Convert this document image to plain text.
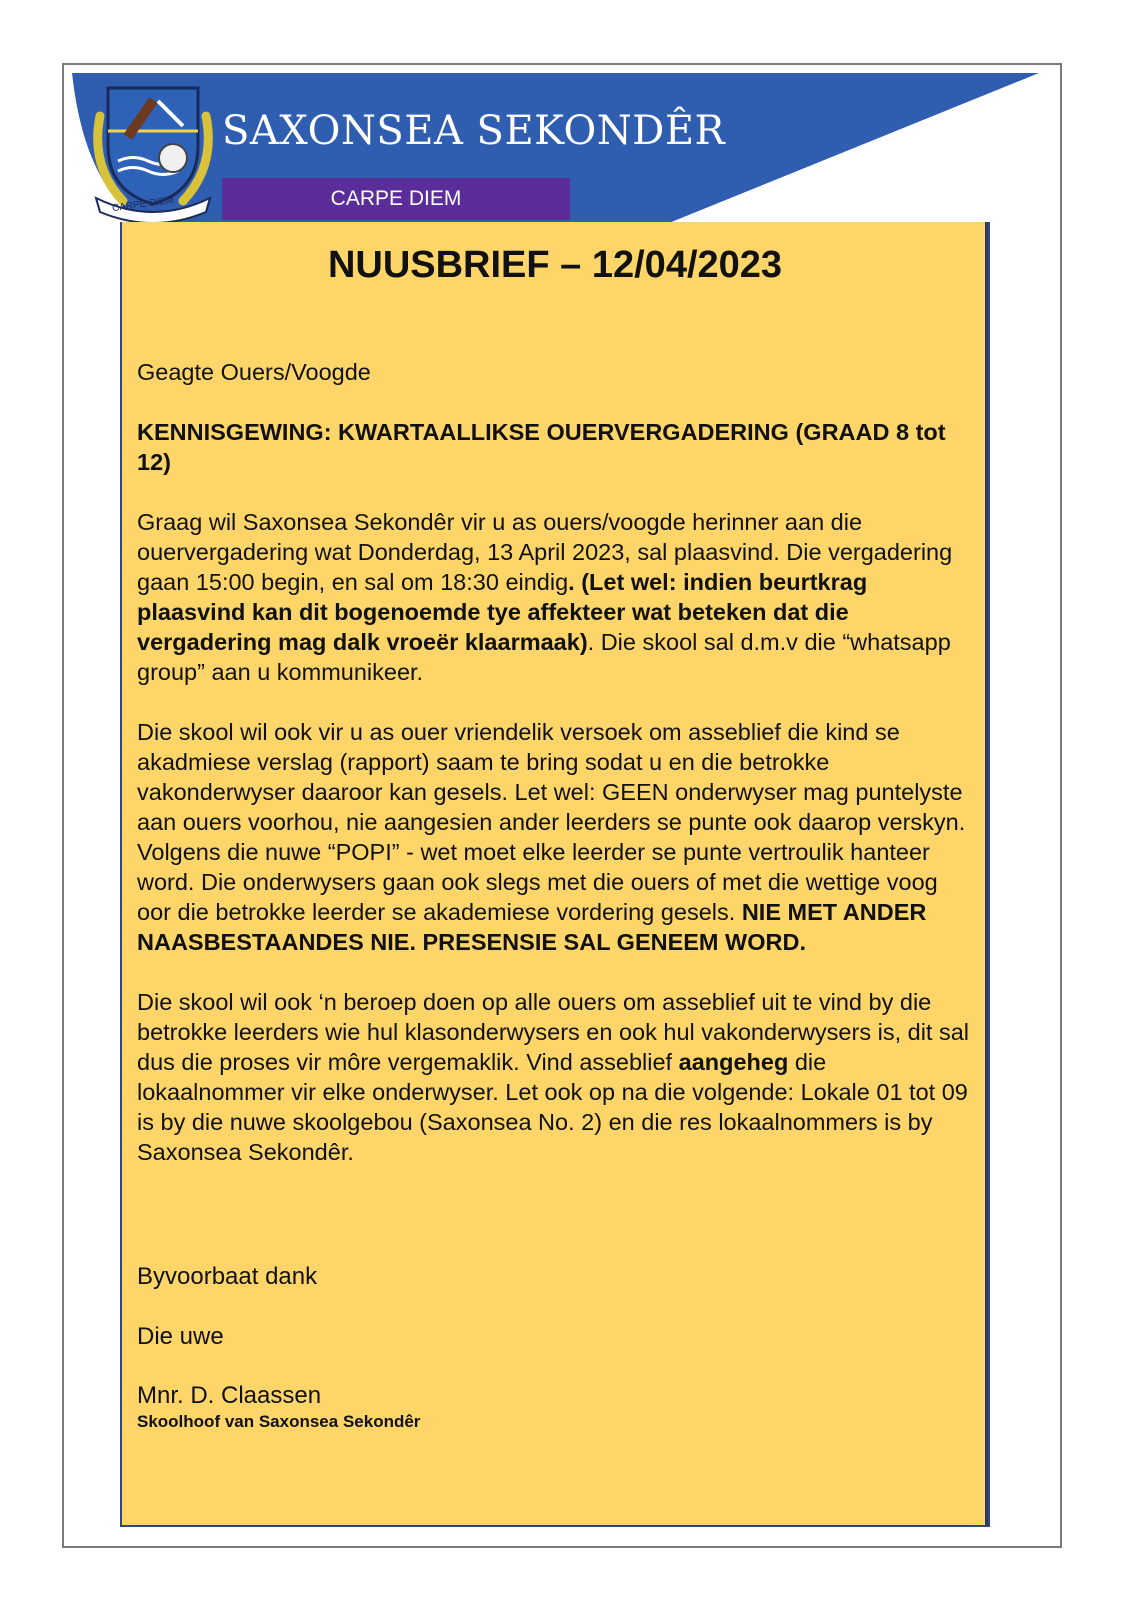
CARPE DIEM
SAXONSEA SEKONDÊR
CARPE DIEM
NUUSBRIEF – 12/04/2023

Geagte Ouers/Voogde

KENNISGEWING: KWARTAALLIKSE OUERVERGADERING (GRAAD 8 tot 12)

Graag wil Saxonsea Sekondêr vir u as ouers/voogde herinner aan die ouervergadering wat Donderdag, 13 April 2023, sal plaasvind. Die vergadering gaan 15:00 begin, en sal om 18:30 eindig. (Let wel: indien beurtkrag plaasvind kan dit bogenoemde tye affekteer wat beteken dat die vergadering mag dalk vroeër klaarmaak). Die skool sal d.m.v die “whatsapp group” aan u kommunikeer.

Die skool wil ook vir u as ouer vriendelik versoek om asseblief die kind se akadmiese verslag (rapport) saam te bring sodat u en die betrokke vakonderwyser daaroor kan gesels. Let wel: GEEN onderwyser mag puntelyste aan ouers voorhou, nie aangesien ander leerders se punte ook daarop verskyn. Volgens die nuwe “POPI” - wet moet elke leerder se punte vertroulik hanteer word. Die onderwysers gaan ook slegs met die ouers of met die wettige voog oor die betrokke leerder se akademiese vordering gesels. NIE MET ANDER NAASBESTAANDES NIE. PRESENSIE SAL GENEEM WORD.

Die skool wil ook ‘n beroep doen op alle ouers om asseblief uit te vind by die betrokke leerders wie hul klasonderwysers en ook hul vakonderwysers is, dit sal dus die proses vir môre vergemaklik. Vind asseblief aangeheg die lokaalnommer vir elke onderwyser. Let ook op na die volgende: Lokale 01 tot 09 is by die nuwe skoolgebou (Saxonsea No. 2) en die res lokaalnommers is by Saxonsea Sekondêr.

Byvoorbaat dank

Die uwe

Mnr. D. Claassen
Skoolhoof van Saxonsea Sekondêr
